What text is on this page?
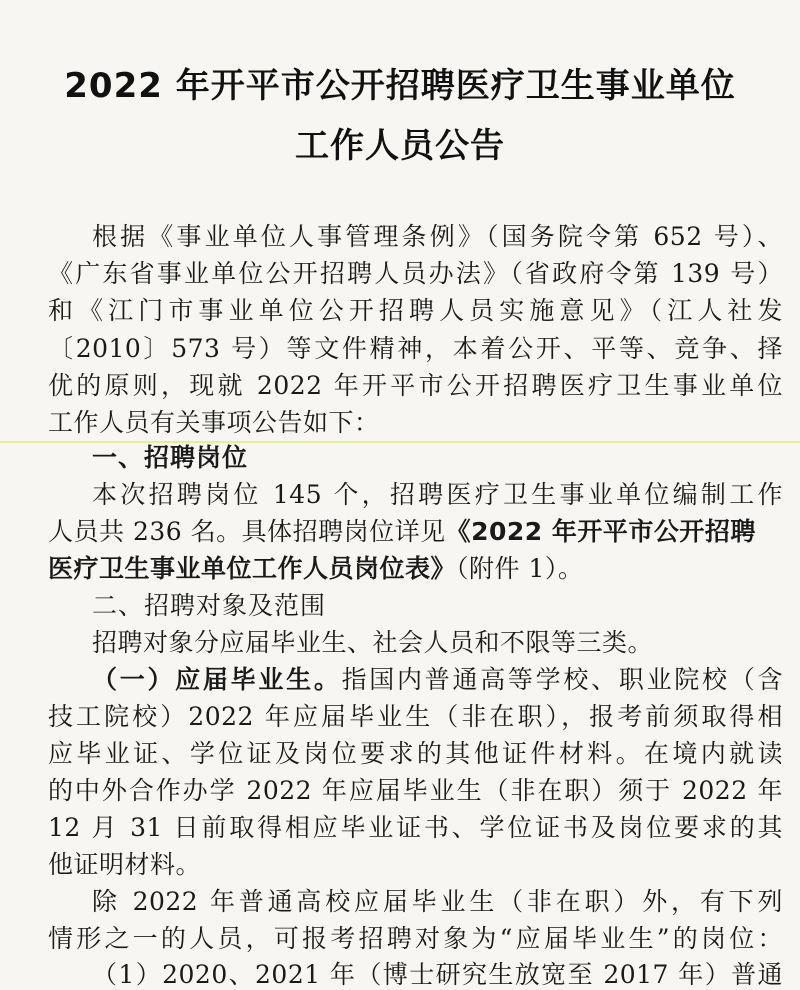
2022 年开平市公开招聘医疗卫生事业单位
工作人员公告
根据《事业单位人事管理条例》（国务院令第 652 号）、
《广东省事业单位公开招聘人员办法》（省政府令第 139 号）
和《江门市事业单位公开招聘人员实施意见》（江人社发
〔2010〕573 号）等文件精神，本着公开、平等、竞争、择
优的原则，现就 2022 年开平市公开招聘医疗卫生事业单位
工作人员有关事项公告如下：
一、招聘岗位
本次招聘岗位 145 个，招聘医疗卫生事业单位编制工作
人员共 236 名。具体招聘岗位详见《2022 年开平市公开招聘
医疗卫生事业单位工作人员岗位表》（附件 1）。
二、招聘对象及范围
招聘对象分应届毕业生、社会人员和不限等三类。
（一）应届毕业生。指国内普通高等学校、职业院校（含
技工院校）2022 年应届毕业生（非在职），报考前须取得相
应毕业证、学位证及岗位要求的其他证件材料。在境内就读
的中外合作办学 2022 年应届毕业生（非在职）须于 2022 年
12 月 31 日前取得相应毕业证书、学位证书及岗位要求的其
他证明材料。
除 2022 年普通高校应届毕业生（非在职）外，有下列
情形之一的人员，可报考招聘对象为“应届毕业生”的岗位：
（1）2020、2021 年（博士研究生放宽至 2017 年）普通
